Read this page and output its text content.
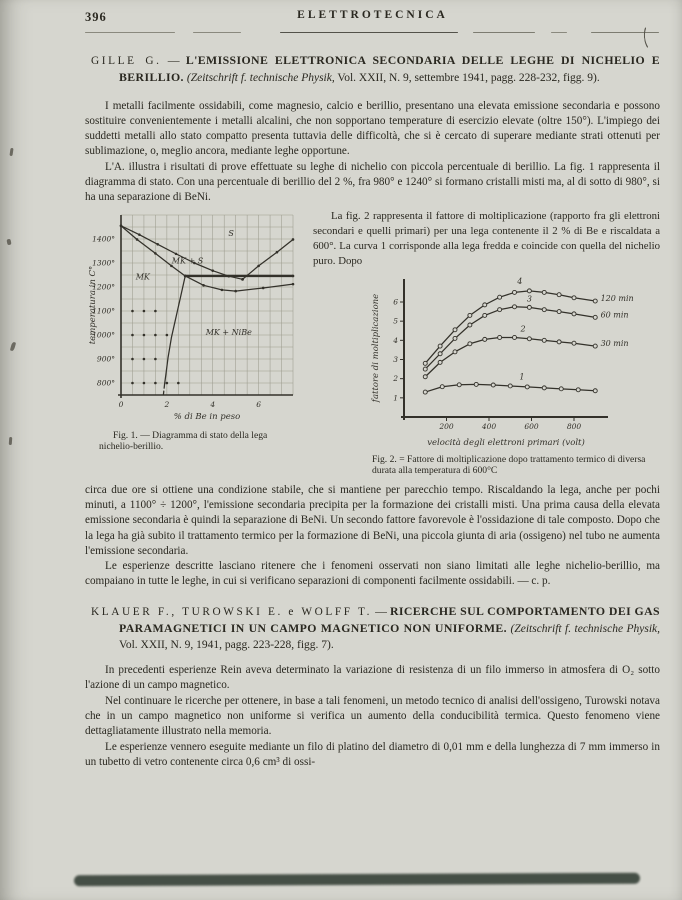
396	ELETTROTECNICA
GILLE G. — L'EMISSIONE ELETTRONICA SECONDARIA DELLE LEGHE DI NICHELIO E BERILLIO. (Zeitschrift f. technische Physik, Vol. XXII, N. 9, settembre 1941, pagg. 228-232, figg. 9).

I metalli facilmente ossidabili, come magnesio, calcio e berillio, presentano una elevata emissione secondaria e possono sostituire convenientemente i metalli alcalini, che non sopportano temperature di esercizio elevate (oltre 150°). L'impiego dei suddetti metalli allo stato compatto presenta tuttavia delle difficoltà, che si è cercato di superare mediante strati ottenuti per sublimazione, o, meglio ancora, mediante leghe opportune.

L'A. illustra i risultati di prove effettuate su leghe di nichelio con piccola percentuale di berillio. La fig. 1 rappresenta il diagramma di stato. Con una percentuale di berillio del 2 %, fra 980° e 1240° si formano cristalli misti ma, al di sotto di 980°, si ha una separazione di BeNi.

0	2	4	6
1400°
1300°
1200°
1100°
1000°
900°
800°
S
MK
MK + S
MK + NiBe
% di Be in peso
temperatura in C°
Fig. 1. — Diagramma di stato della lega nichelio-berillio.

La fig. 2 rappresenta il fattore di moltiplicazione (rapporto fra gli elettroni secondari e quelli primari) per una lega contenente il 2 % di Be e riscaldata a 600°. La curva 1 corrisponde alla lega fredda e coincide con quella del nichelio puro. Dopo

200	400	600	800
1
2
3
4
5
6
4
3
2
1
120 min
60 min
30 min
velocità degli elettroni primari (volt)
fattore di moltiplicazione
Fig. 2. = Fattore di moltiplicazione dopo trattamento termico di diversa durata alla temperatura di 600°C

circa due ore si ottiene una condizione stabile, che si mantiene per parecchio tempo. Riscaldando la lega, anche per pochi minuti, a 1100° ÷ 1200°, l'emissione secondaria precipita per la formazione dei cristalli misti. Una prima causa della elevata emissione secondaria è quindi la separazione di BeNi. Un secondo fattore favorevole è l'ossidazione di tale composto. Dopo che la lega ha già subito il trattamento termico per la formazione di BeNi, una piccola giunta di aria (ossigeno) nel tubo ne aumenta l'emissione secondaria.

Le esperienze descritte lasciano ritenere che i fenomeni osservati non siano limitati alle leghe nichelio-berillio, ma compaiano in tutte le leghe, in cui si verificano separazioni di componenti facilmente ossidabili. — c. p.

KLAUER F., TUROWSKI E. e WOLFF T. — RICERCHE SUL COMPORTAMENTO DEI GAS PARAMAGNETICI IN UN CAMPO MAGNETICO NON UNIFORME. (Zeitschrift f. technische Physik, Vol. XXII, N. 9, 1941, pagg. 223-228, figg. 7).

In precedenti esperienze Rein aveva determinato la variazione di resistenza di un filo immerso in atmosfera di O₂ sotto l'azione di un campo magnetico.

Nel continuare le ricerche per ottenere, in base a tali fenomeni, un metodo tecnico di analisi dell'ossigeno, Turowski notava che in un campo magnetico non uniforme si verifica un aumento della conducibilità termica. Questo fenomeno viene dettagliatamente illustrato nella memoria.

Le esperienze vennero eseguite mediante un filo di platino del diametro di 0,01 mm e della lunghezza di 7 mm immerso in un tubetto di vetro contenente circa 0,6 cm³ di ossi-
